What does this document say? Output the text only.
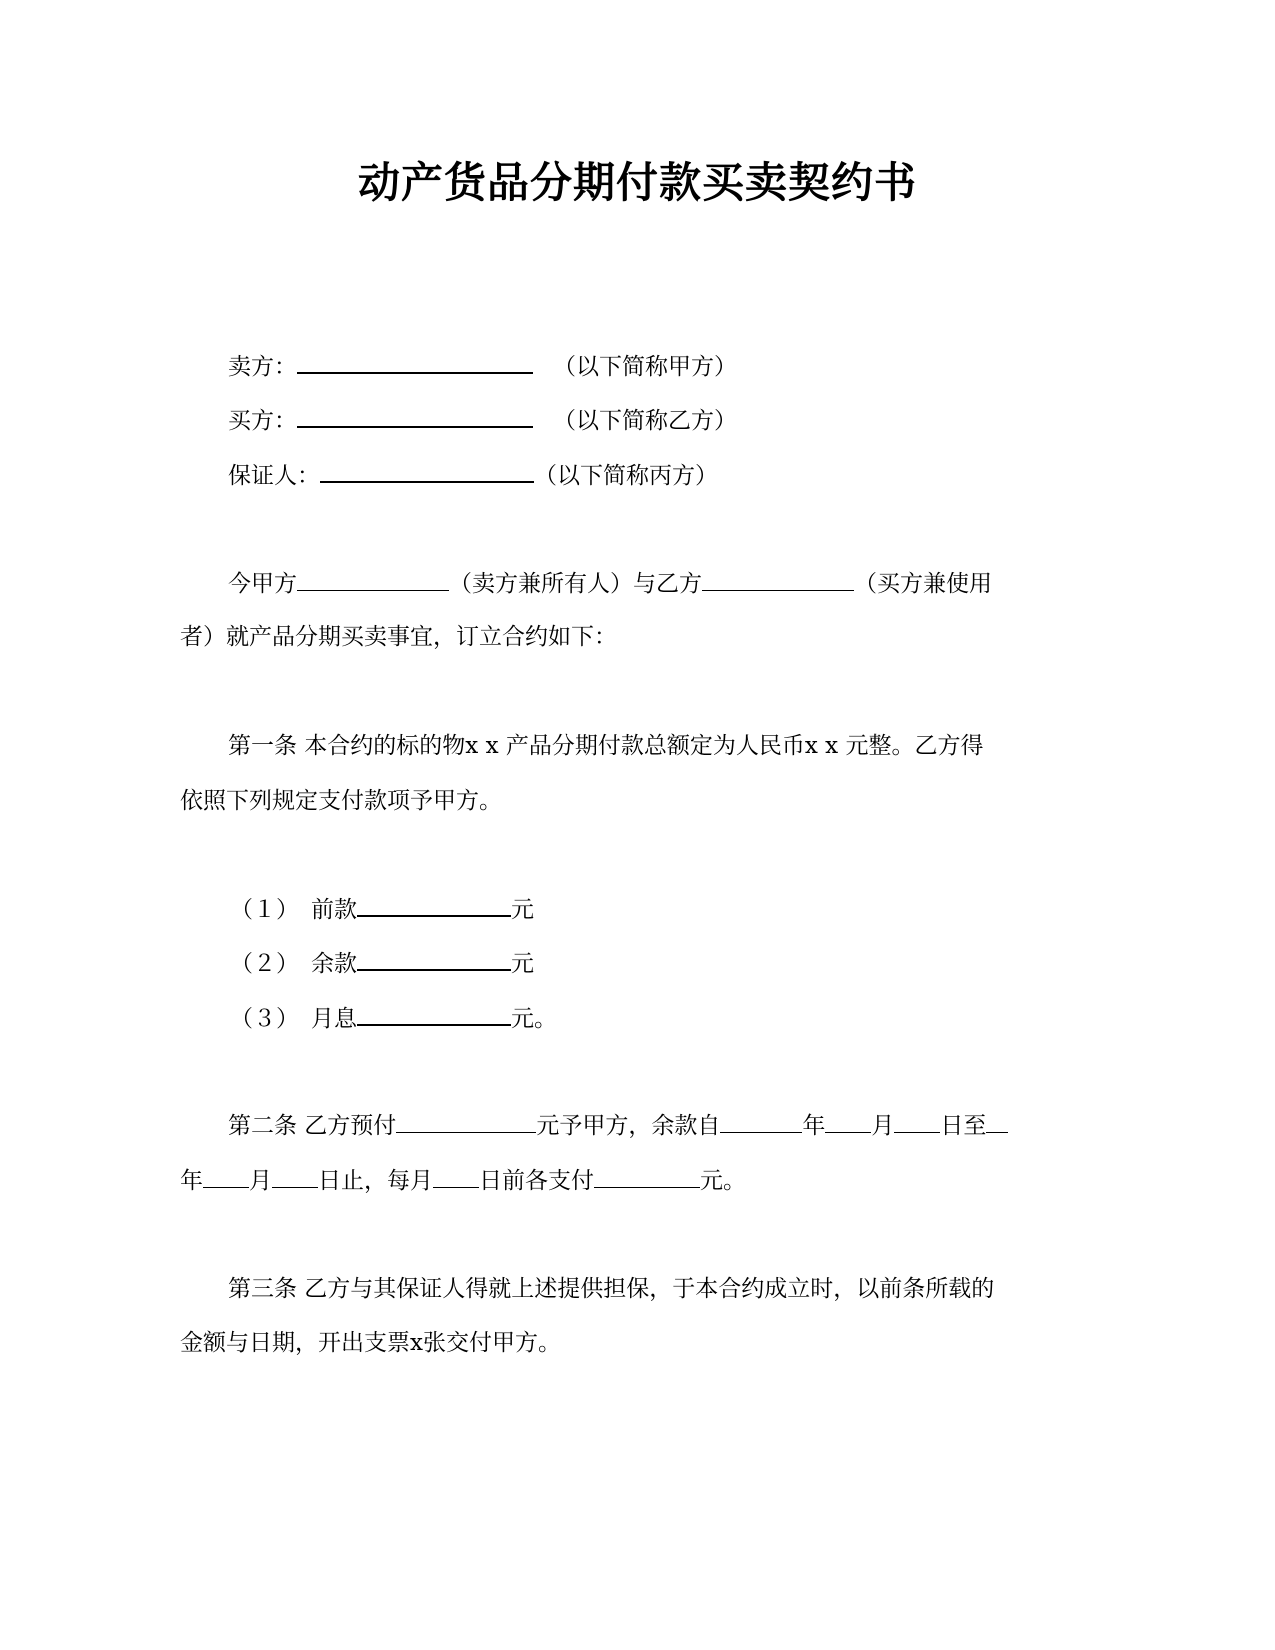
动产货品分期付款买卖契约书
卖方：	（以下简称甲方）
买方：	（以下简称乙方）
保证人：	（以下简称丙方）
今甲方	（卖方兼所有人）与乙方	（买方兼使用
者）就产品分期买卖事宜，订立合约如下：
第一条 本合约的标的物x x 产品分期付款总额定为人民币x x 元整。乙方得
依照下列规定支付款项予甲方。
（１） 前款	元
（２） 余款	元
（３） 月息	元。
第二条 乙方预付	元予甲方，余款自	年 月 日至
年 月 日止，每月 日前各支付	元。
第三条 乙方与其保证人得就上述提供担保，于本合约成立时，以前条所载的
金额与日期，开出支票x张交付甲方。
